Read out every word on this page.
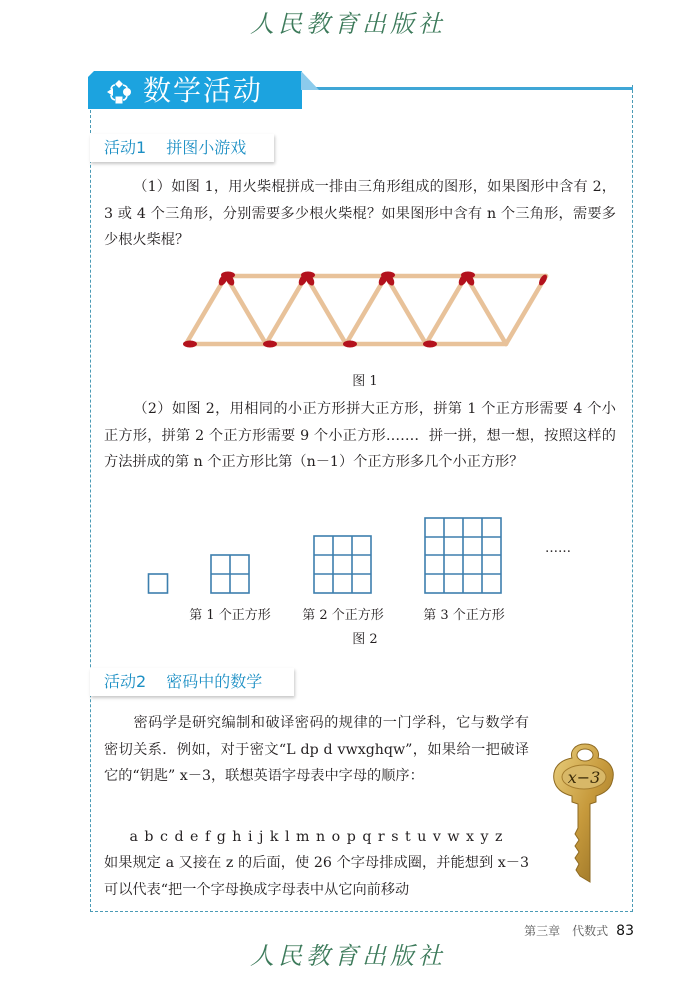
人民教育出版社
数学活动
活动1 拼图小游戏
（1）如图 1，用火柴棍拼成一排由三角形组成的图形，如果图形中含有 2，3 或 4 个三角形，分别需要多少根火柴棍？如果图形中含有 n 个三角形，需要多少根火柴棍？
图 1
（2）如图 2，用相同的小正方形拼大正方形，拼第 1 个正方形需要 4 个小正方形，拼第 2 个正方形需要 9 个小正方形……．拼一拼，想一想，按照这样的方法拼成的第 n 个正方形比第（n－1）个正方形多几个小正方形？
……
第 1 个正方形	第 2 个正方形	第 3 个正方形
图 2
活动2 密码中的数学
密码学是研究编制和破译密码的规律的一门学科，它与数学有密切关系．例如，对于密文“L dp d vwxghqw”，如果给一把破译它的“钥匙” x－3，联想英语字母表中字母的顺序：
a b c d e f g h i j k l m n o p q r s t u v w x y z
如果规定 a 又接在 z 的后面，使 26 个字母排成圈，并能想到 x－3 可以代表“把一个字母换成字母表中从它向前移动
x−3
第三章　代数式 83
人民教育出版社
